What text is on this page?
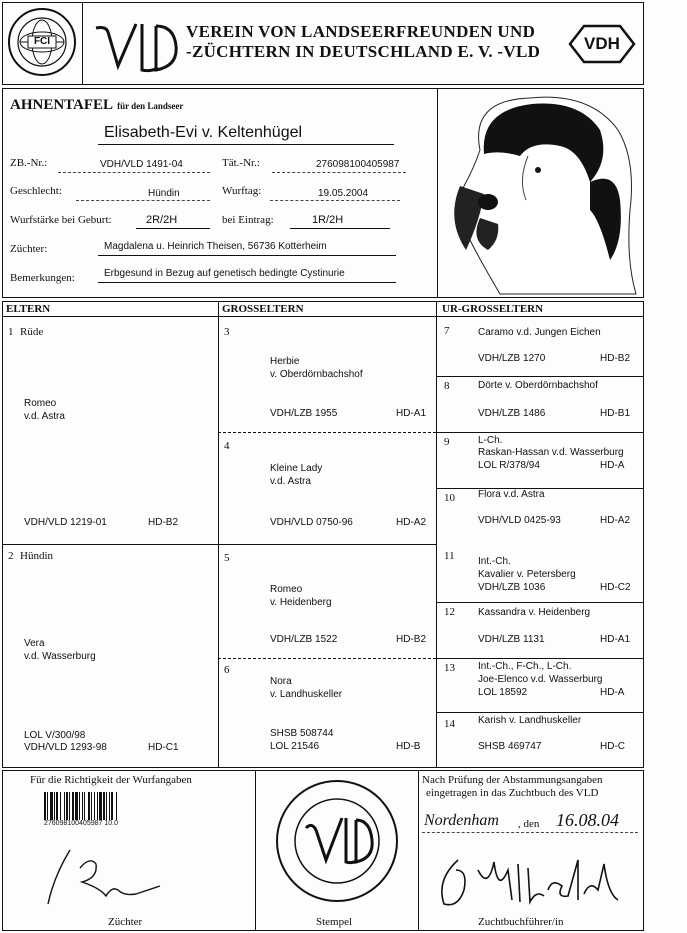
FCI
VEREIN VON LANDSEERFREUNDEN UND
-ZÜCHTERN IN DEUTSCHLAND E. V. -VLD	VDH
AHNENTAFEL für den Landseer
Elisabeth-Evi v. Keltenhügel
ZB.-Nr.:	VDH/VLD 1491-04	Tät.-Nr.:	276098100405987
Geschlecht:	Hündin	Wurftag:	19.05.2004
Wurfstärke bei Geburt:	2R/2H	bei Eintrag:	1R/2H
Züchter:	Magdalena u. Heinrich Theisen, 56736 Kotterheim
Bemerkungen:	Erbgesund in Bezug auf genetisch bedingte Cystinurie
ELTERN	GROSSELTERN	UR-GROSSELTERN
1 Rüde
Romeo
v.d. Astra
VDH/VLD 1219-01	HD-B2
2 Hündin
Vera
v.d. Wasserburg
LOL V/300/98
VDH/VLD 1293-98	HD-C1
3
Herbie
v. Oberdörnbachshof
VDH/LZB 1955	HD-A1
4
Kleine Lady
v.d. Astra
VDH/VLD 0750-96	HD-A2
5
Romeo
v. Heidenberg
VDH/LZB 1522	HD-B2
6
Nora
v. Landhuskeller
SHSB 508744
LOL 21546	HD-B
7	Caramo v.d. Jungen Eichen
VDH/LZB 1270	HD-B2
8	Dörte v. Oberdörnbachshof
VDH/LZB 1486	HD-B1
9	L-Ch.
Raskan-Hassan v.d. Wasserburg
LOL R/378/94	HD-A
10 Flora v.d. Astra
VDH/VLD 0425-93	HD-A2
11 Int.-Ch.
Kavalier v. Petersberg
VDH/LZB 1036	HD-C2
12 Kassandra v. Heidenberg
VDH/LZB 1131	HD-A1
13 Int.-Ch., F-Ch., L-Ch.
Joe-Elenco v.d. Wasserburg
LOL 18592	HD-A
14 Karish v. Landhuskeller
SHSB 469747	HD-C
Für die Richtigkeit der Wurfangaben
276098100405987 10.0
Züchter	Stempel
Nach Prüfung der Abstammungsangaben
eingetragen in das Zuchtbuch des VLD
Nordenham , den 16.08.04
Zuchtbuchführer/in
